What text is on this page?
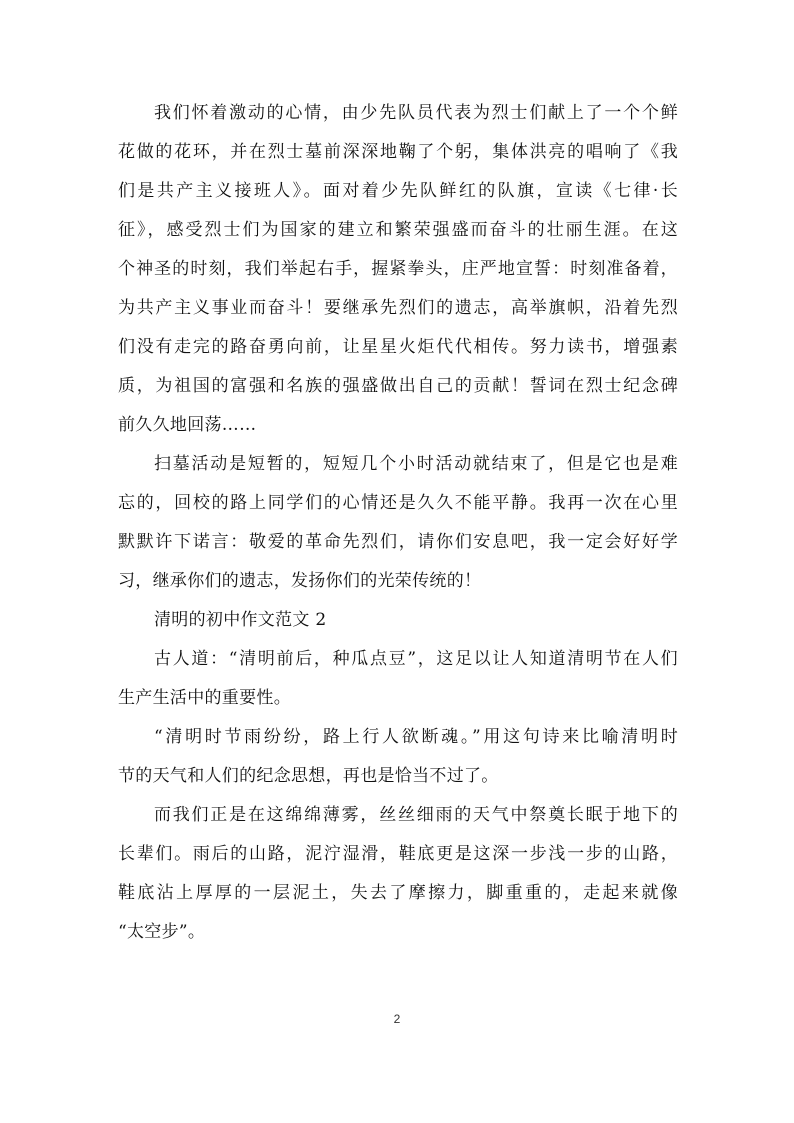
我们怀着激动的心情，由少先队员代表为烈士们献上了一个个鲜
花做的花环，并在烈士墓前深深地鞠了个躬，集体洪亮的唱响了《我
们是共产主义接班人》。面对着少先队鲜红的队旗，宣读《七律·长
征》，感受烈士们为国家的建立和繁荣强盛而奋斗的壮丽生涯。在这
个神圣的时刻，我们举起右手，握紧拳头，庄严地宣誓：时刻准备着，
为共产主义事业而奋斗！要继承先烈们的遗志，高举旗帜，沿着先烈
们没有走完的路奋勇向前，让星星火炬代代相传。努力读书，增强素
质，为祖国的富强和名族的强盛做出自己的贡献！誓词在烈士纪念碑
前久久地回荡……
扫墓活动是短暂的，短短几个小时活动就结束了，但是它也是难
忘的，回校的路上同学们的心情还是久久不能平静。我再一次在心里
默默许下诺言：敬爱的革命先烈们，请你们安息吧，我一定会好好学
习，继承你们的遗志，发扬你们的光荣传统的！
清明的初中作文范文 2
古人道：“清明前后，种瓜点豆”，这足以让人知道清明节在人们
生产生活中的重要性。
“清明时节雨纷纷，路上行人欲断魂。”用这句诗来比喻清明时
节的天气和人们的纪念思想，再也是恰当不过了。
而我们正是在这绵绵薄雾，丝丝细雨的天气中祭奠长眠于地下的
长辈们。雨后的山路，泥泞湿滑，鞋底更是这深一步浅一步的山路，
鞋底沾上厚厚的一层泥土，失去了摩擦力，脚重重的，走起来就像
“太空步”。
2
